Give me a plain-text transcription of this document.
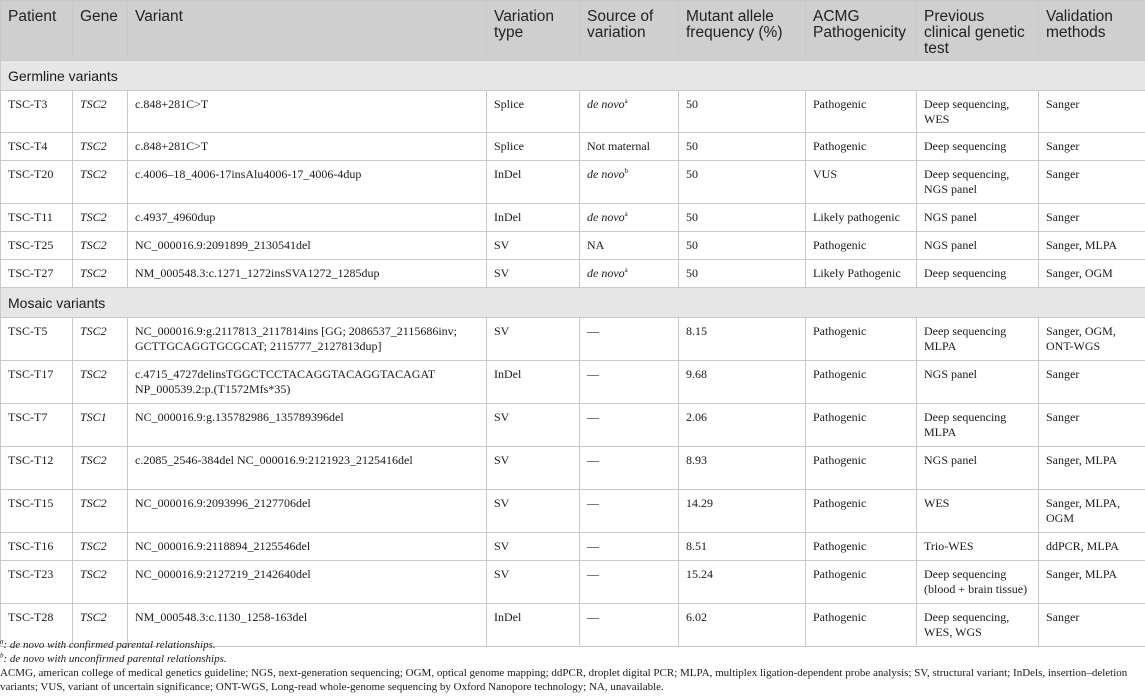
Patient	Gene	Variant	Variation type	Source of variation	Mutant allele frequency (%)	ACMG Pathogenicity	Previous clinical genetic test	Validation methods
Germline variants								
TSC-T3	TSC2	c.848+281C>T	Splice	de novo$^a$	50	Pathogenic	Deep sequencing, WES	Sanger
TSC-T4	TSC2	c.848+281C>T	Splice	Not maternal	50	Pathogenic	Deep sequencing	Sanger
TSC-T20	TSC2	c.4006–18_4006-17insAlu4006-17_4006-4dup	InDel	de novo$^b$	50	VUS	Deep sequencing, NGS panel	Sanger
TSC-T11	TSC2	c.4937_4960dup	InDel	de novo$^a$	50	Likely pathogenic	NGS panel	Sanger
TSC-T25	TSC2	NC_000016.9:2091899_2130541del	SV	NA	50	Pathogenic	NGS panel	Sanger, MLPA
TSC-T27	TSC2	NM_000548.3:c.1271_1272insSVA1272_1285dup	SV	de novo$^a$	50	Likely Pathogenic	Deep sequencing	Sanger, OGM
Mosaic variants								
TSC-T5	TSC2	NC_000016.9:g.2117813_2117814ins [GG; 2086537_2115686inv; GCTTGCAGGTGCGCAT; 2115777_2127813dup]	SV	—	8.15	Pathogenic	Deep sequencing MLPA	Sanger, OGM, ONT-WGS
TSC-T17	TSC2	c.4715_4727delinsTGGCTCCTACAGGTACAGGTACAGAT NP_000539.2:p.(T1572Mfs*35)	InDel	—	9.68	Pathogenic	NGS panel	Sanger
TSC-T7	TSC1	NC_000016.9:g.135782986_135789396del	SV	—	2.06	Pathogenic	Deep sequencing MLPA	Sanger
TSC-T12	TSC2	c.2085_2546-384del NC_000016.9:2121923_2125416del	SV	—	8.93	Pathogenic	NGS panel	Sanger, MLPA
TSC-T15	TSC2	NC_000016.9:2093996_2127706del	SV	—	14.29	Pathogenic	WES	Sanger, MLPA, OGM
TSC-T16	TSC2	NC_000016.9:2118894_2125546del	SV	—	8.51	Pathogenic	Trio-WES	ddPCR, MLPA
TSC-T23	TSC2	NC_000016.9:2127219_2142640del	SV	—	15.24	Pathogenic	Deep sequencing (blood + brain tissue)	Sanger, MLPA
TSC-T28	TSC2	NM_000548.3:c.1130_1258-163del	InDel	—	6.02	Pathogenic	Deep sequencing, WES, WGS	Sanger
$^a$: de novo with confirmed parental relationships.
$^b$: de novo with unconfirmed parental relationships.
ACMG, american college of medical genetics guideline; NGS, next-generation sequencing; OGM, optical genome mapping; ddPCR, droplet digital PCR; MLPA, multiplex ligation-dependent probe analysis; SV, structural variant; InDels, insertion–deletion variants; VUS, variant of uncertain significance; ONT-WGS, Long-read whole-genome sequencing by Oxford Nanopore technology; NA, unavailable.
